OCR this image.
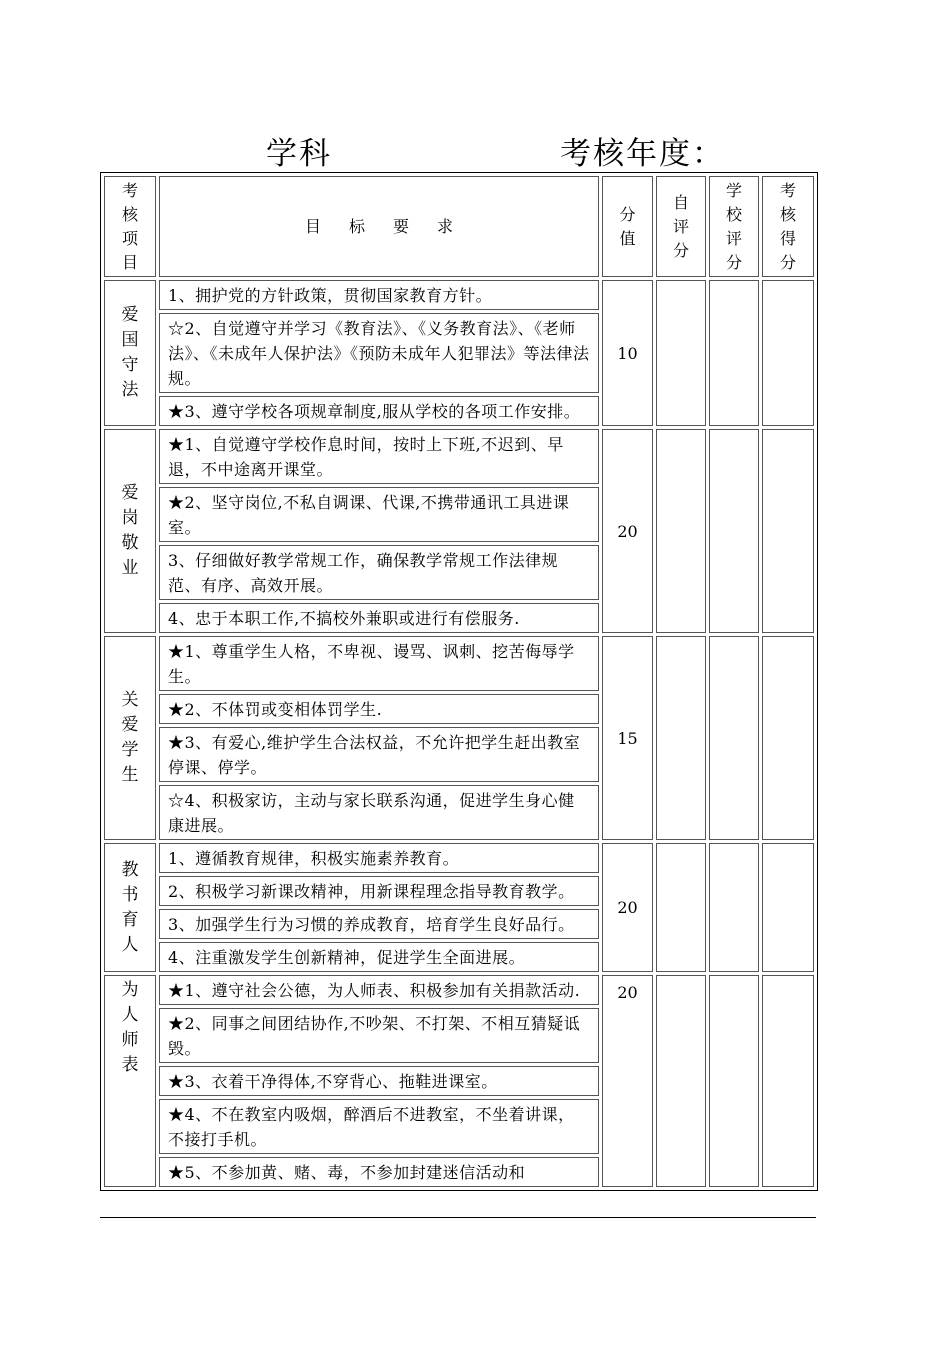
学科	考核年度：
考核项目	目标要求	分值	自评分	学校评分	考核得分

爱国守法	1、拥护党的方针政策，贯彻国家教育方针。	10			
	☆2、自觉遵守并学习《教育法》、《义务教育法》、《老师法》、《未成年人保护法》《预防未成年人犯罪法》等法律法规。				
	★3、遵守学校各项规章制度,服从学校的各项工作安排。				

爱岗敬业	★1、自觉遵守学校作息时间，按时上下班,不迟到、早退，不中途离开课堂。	20			
	★2、坚守岗位,不私自调课、代课,不携带通讯工具进课室。				
	3、仔细做好教学常规工作，确保教学常规工作法律规范、有序、高效开展。				
	4、忠于本职工作,不搞校外兼职或进行有偿服务.				

关爱学生	★1、尊重学生人格，不卑视、谩骂、讽刺、挖苦侮辱学生。	15			
	★2、不体罚或变相体罚学生.				
	★3、有爱心,维护学生合法权益，不允许把学生赶出教室停课、停学。				
	☆4、积极家访，主动与家长联系沟通，促进学生身心健康进展。				

教书育人	1、遵循教育规律，积极实施素养教育。	20			
	2、积极学习新课改精神，用新课程理念指导教育教学。				
	3、加强学生行为习惯的养成教育，培育学生良好品行。				
	4、注重激发学生创新精神，促进学生全面进展。				

为人师表	★1、遵守社会公德，为人师表、积极参加有关捐款活动.	20			
	★2、同事之间团结协作,不吵架、不打架、不相互猜疑诋毁。				
	★3、衣着干净得体,不穿背心、拖鞋进课室。				
	★4、不在教室内吸烟，醉酒后不进教室，不坐着讲课，不接打手机。				
	★5、不参加黄、赌、毒，不参加封建迷信活动和				
